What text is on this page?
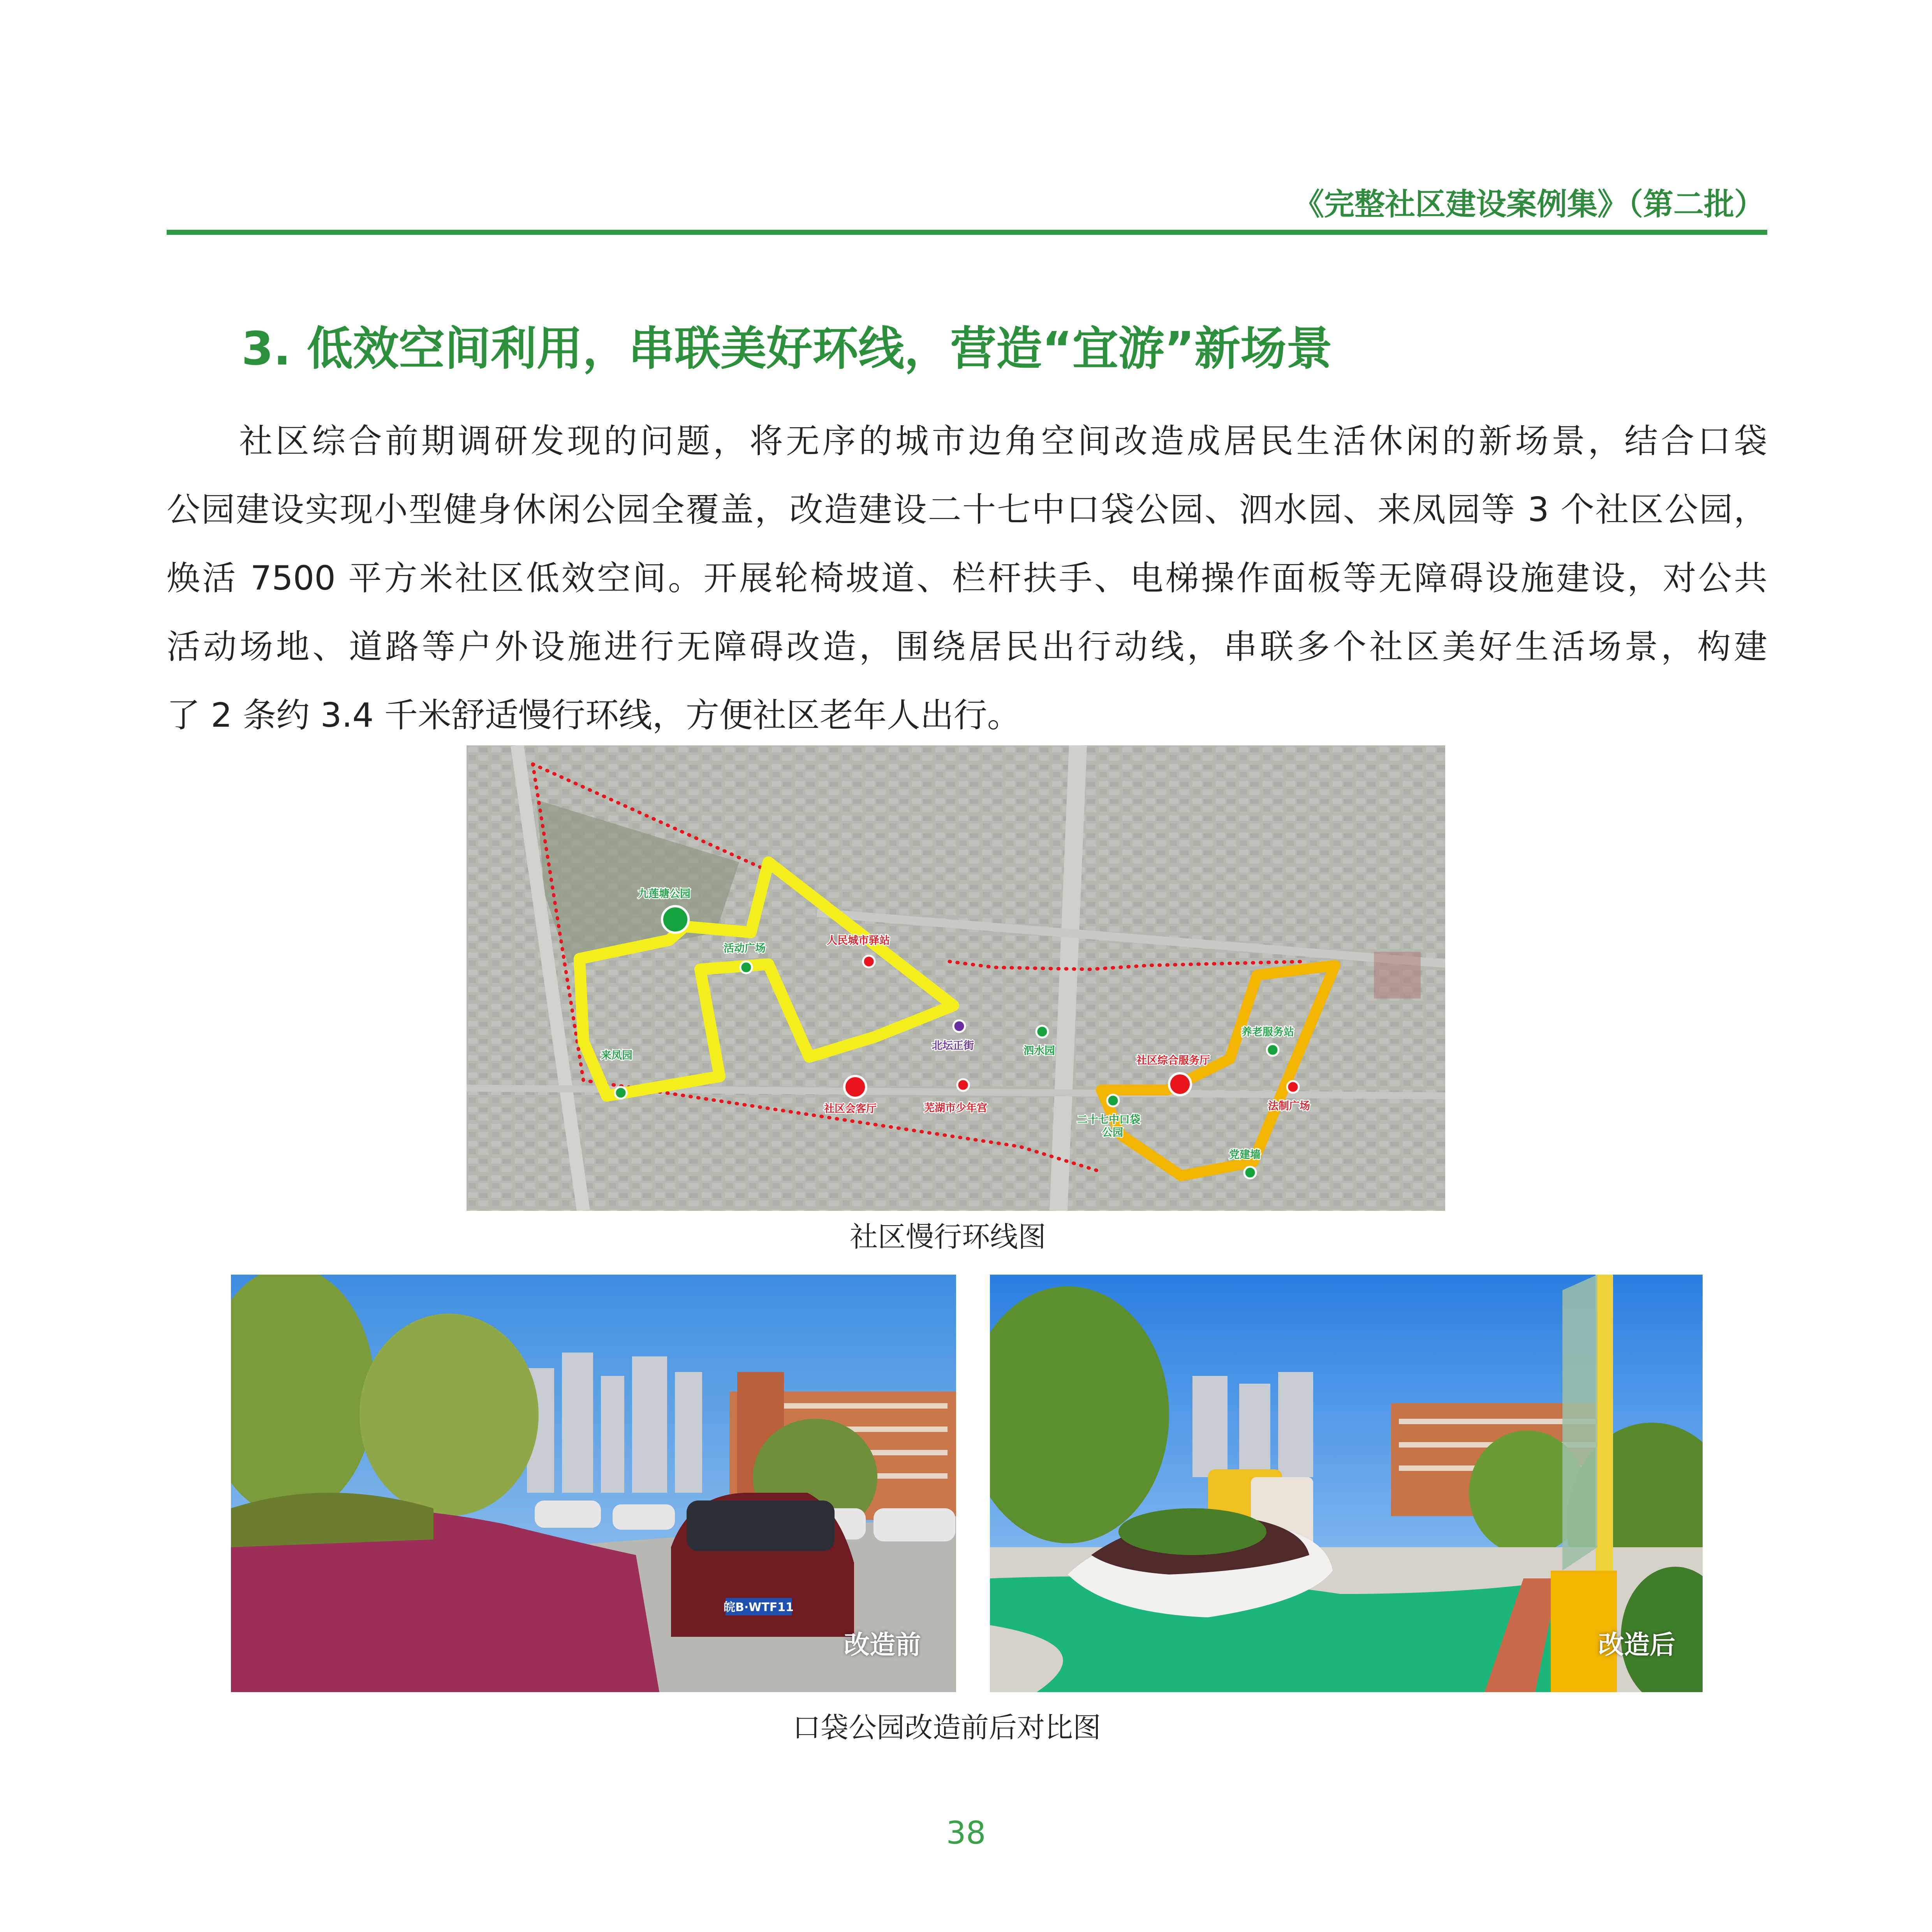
《完整社区建设案例集》（第二批）
3. 低效空间利用，串联美好环线，营造“宜游”新场景
社区综合前期调研发现的问题，将无序的城市边角空间改造成居民生活休闲的新场景，结合口袋
公园建设实现小型健身休闲公园全覆盖，改造建设二十七中口袋公园、泗水园、来凤园等 3 个社区公园，
焕活 7500 平方米社区低效空间。开展轮椅坡道、栏杆扶手、电梯操作面板等无障碍设施建设，对公共
活动场地、道路等户外设施进行无障碍改造，围绕居民出行动线，串联多个社区美好生活场景，构建
了 2 条约 3.4 千米舒适慢行环线，方便社区老年人出行。
九莲塘公园
活动广场
人民城市驿站
北坛正街	泗水园
来凤园
社区会客厅	芜湖市少年宫
社区综合服务厅
养老服务站
法制广场
二十七中口袋
公园
党建墙
社区慢行环线图
皖B·WTF11
改造前	改造后
口袋公园改造前后对比图
38
